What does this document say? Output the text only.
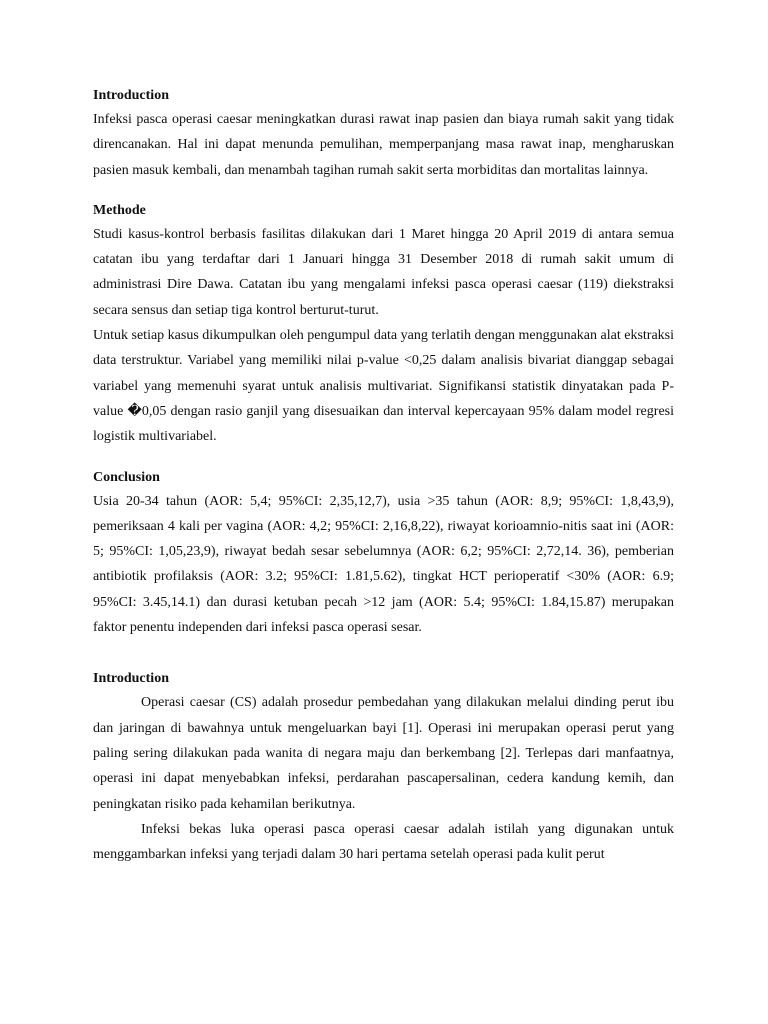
Introduction

Infeksi pasca operasi caesar meningkatkan durasi rawat inap pasien dan biaya rumah sakit yang tidak direncanakan. Hal ini dapat menunda pemulihan, memperpanjang masa rawat inap, mengharuskan pasien masuk kembali, dan menambah tagihan rumah sakit serta morbiditas dan mortalitas lainnya.

Methode

Studi kasus-kontrol berbasis fasilitas dilakukan dari 1 Maret hingga 20 April 2019 di antara semua catatan ibu yang terdaftar dari 1 Januari hingga 31 Desember 2018 di rumah sakit umum di administrasi Dire Dawa. Catatan ibu yang mengalami infeksi pasca operasi caesar (119) diekstraksi secara sensus dan setiap tiga kontrol berturut-turut.

Untuk setiap kasus dikumpulkan oleh pengumpul data yang terlatih dengan menggunakan alat ekstraksi data terstruktur. Variabel yang memiliki nilai p-value <0,25 dalam analisis bivariat dianggap sebagai variabel yang memenuhi syarat untuk analisis multivariat. Signifikansi statistik dinyatakan pada P-value �0,05 dengan rasio ganjil yang disesuaikan dan interval kepercayaan 95% dalam model regresi logistik multivariabel.

Conclusion

Usia 20-34 tahun (AOR: 5,4; 95%CI: 2,35,12,7), usia >35 tahun (AOR: 8,9; 95%CI: 1,8,43,9), pemeriksaan 4 kali per vagina (AOR: 4,2; 95%CI: 2,16,8,22), riwayat korioamnio-nitis saat ini (AOR: 5; 95%CI: 1,05,23,9), riwayat bedah sesar sebelumnya (AOR: 6,2; 95%CI: 2,72,14. 36), pemberian antibiotik profilaksis (AOR: 3.2; 95%CI: 1.81,5.62), tingkat HCT perioperatif <30% (AOR: 6.9; 95%CI: 3.45,14.1) dan durasi ketuban pecah >12 jam (AOR: 5.4; 95%CI: 1.84,15.87) merupakan faktor penentu independen dari infeksi pasca operasi sesar.

Introduction

Operasi caesar (CS) adalah prosedur pembedahan yang dilakukan melalui dinding perut ibu dan jaringan di bawahnya untuk mengeluarkan bayi [1]. Operasi ini merupakan operasi perut yang paling sering dilakukan pada wanita di negara maju dan berkembang [2]. Terlepas dari manfaatnya, operasi ini dapat menyebabkan infeksi, perdarahan pascapersalinan, cedera kandung kemih, dan peningkatan risiko pada kehamilan berikutnya.

Infeksi bekas luka operasi pasca operasi caesar adalah istilah yang digunakan untuk menggambarkan infeksi yang terjadi dalam 30 hari pertama setelah operasi pada kulit perut
